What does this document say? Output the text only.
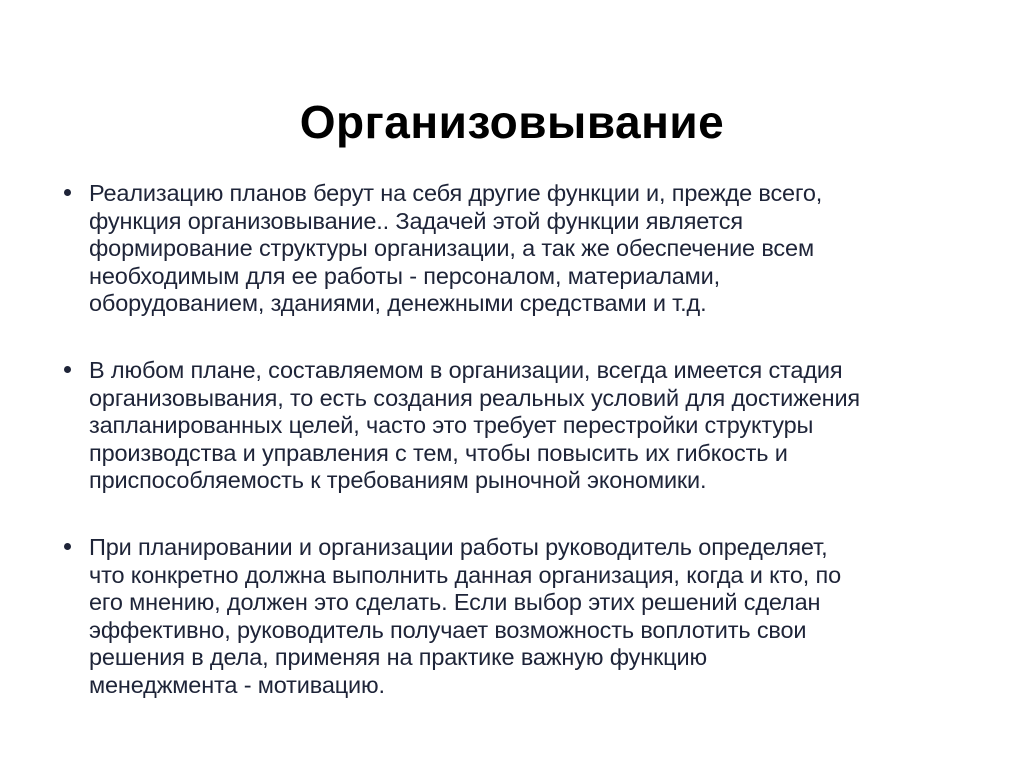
Организовывание
Реализацию планов берут на себя другие функции и, прежде всего,
функция организовывание.. Задачей этой функции является
формирование структуры организации, а так же обеспечение всем
необходимым для ее работы - персоналом, материалами,
оборудованием, зданиями, денежными средствами и т.д.
В любом плане, составляемом в организации, всегда имеется стадия
организовывания, то есть создания реальных условий для достижения
запланированных целей, часто это требует перестройки структуры
производства и управления с тем, чтобы повысить их гибкость и
приспособляемость к требованиям рыночной экономики.
При планировании и организации работы руководитель определяет,
что конкретно должна выполнить данная организация, когда и кто, по
его мнению, должен это сделать. Если выбор этих решений сделан
эффективно, руководитель получает возможность воплотить свои
решения в дела, применяя на практике важную функцию
менеджмента - мотивацию.
